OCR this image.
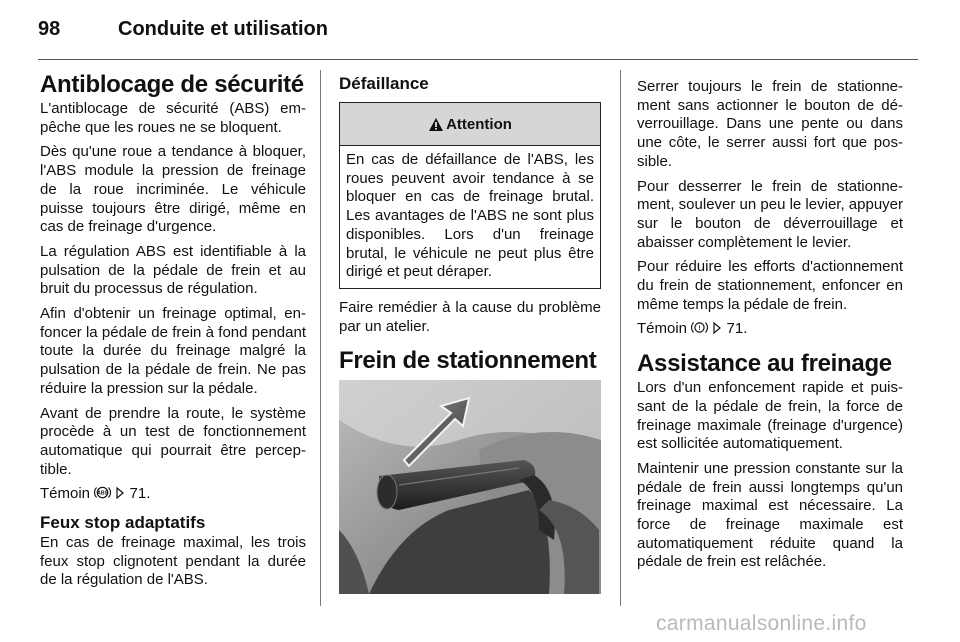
98	Conduite et utilisation
Antiblocage de sécurité

L'antiblocage de sécurité (ABS) empêche que les roues ne se bloquent.

Dès qu'une roue a tendance à bloquer, l'ABS module la pression de freinage de la roue incriminée. Le véhicule puisse toujours être dirigé, même en cas de freinage d'urgence.

La régulation ABS est identifiable à la pulsation de la pédale de frein et au bruit du processus de régulation.

Afin d'obtenir un freinage optimal, enfoncer la pédale de frein à fond pendant toute la durée du freinage malgré la pulsation de la pédale de frein. Ne pas réduire la pression sur la pédale.

Avant de prendre la route, le système procède à un test de fonctionnement automatique qui pourrait être perceptible.

Témoin ABS 71.

Feux stop adaptatifs

En cas de freinage maximal, les trois feux stop clignotent pendant la durée de la régulation de l'ABS.

Défaillance
Attention

En cas de défaillance de l'ABS, les roues peuvent avoir tendance à se bloquer en cas de freinage brutal. Les avantages de l'ABS ne sont plus disponibles. Lors d'un freinage brutal, le véhicule ne peut plus être dirigé et peut déraper.

Faire remédier à la cause du problème par un atelier.

Frein de stationnement

Serrer toujours le frein de stationnement sans actionner le bouton de déverrouillage. Dans une pente ou dans une côte, le serrer aussi fort que possible.

Pour desserrer le frein de stationnement, soulever un peu le levier, appuyer sur le bouton de déverrouillage et abaisser complètement le levier.

Pour réduire les efforts d'actionnement du frein de stationnement, enfoncer en même temps la pédale de frein.

Témoin ! 71.

Assistance au freinage

Lors d'un enfoncement rapide et puissant de la pédale de frein, la force de freinage maximale (freinage d'urgence) est sollicitée automatiquement.

Maintenir une pression constante sur la pédale de frein aussi longtemps qu'un freinage maximal est nécessaire. La force de freinage maximale est automatiquement réduite quand la pédale de frein est relâchée.

carmanualsonline.info
